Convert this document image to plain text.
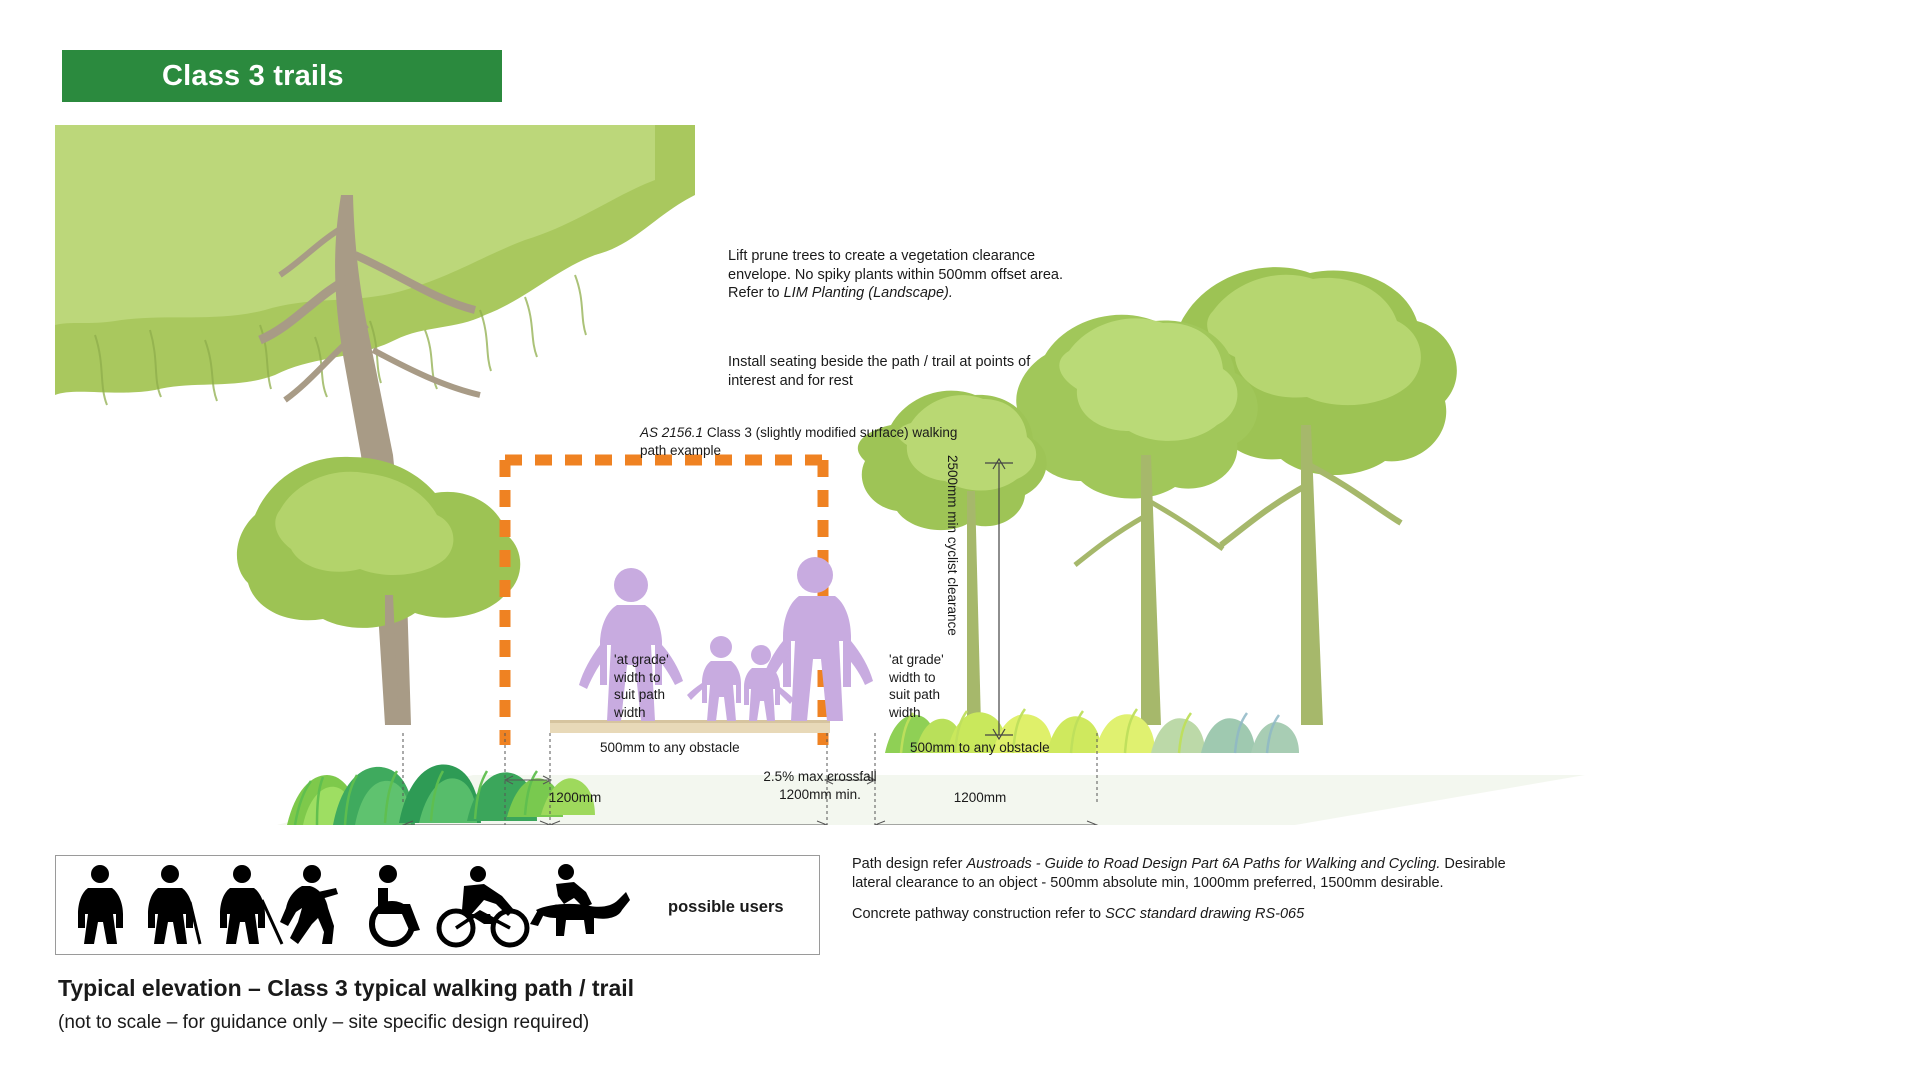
Class 3 trails
Lift prune trees to create a vegetation clearance envelope. No spiky plants within 500mm offset area. Refer to LIM Planting (Landscape).
Install seating beside the path / trail at points of interest and for rest
AS 2156.1 Class 3 (slightly modified surface) walking path example
'at grade' width to suit path width
'at grade' width to suit path width
2500mm min cyclist clearance
500mm to any obstacle	500mm to any obstacle
2.5% max crossfall
1200mm min.
1200mm	1200mm
possible users

Path design refer Austroads - Guide to Road Design Part 6A Paths for Walking and Cycling. Desirable lateral clearance to an object - 500mm absolute min, 1000mm preferred, 1500mm desirable.

Concrete pathway construction refer to SCC standard drawing RS-065

Typical elevation – Class 3 typical walking path / trail
(not to scale – for guidance only – site specific design required)
